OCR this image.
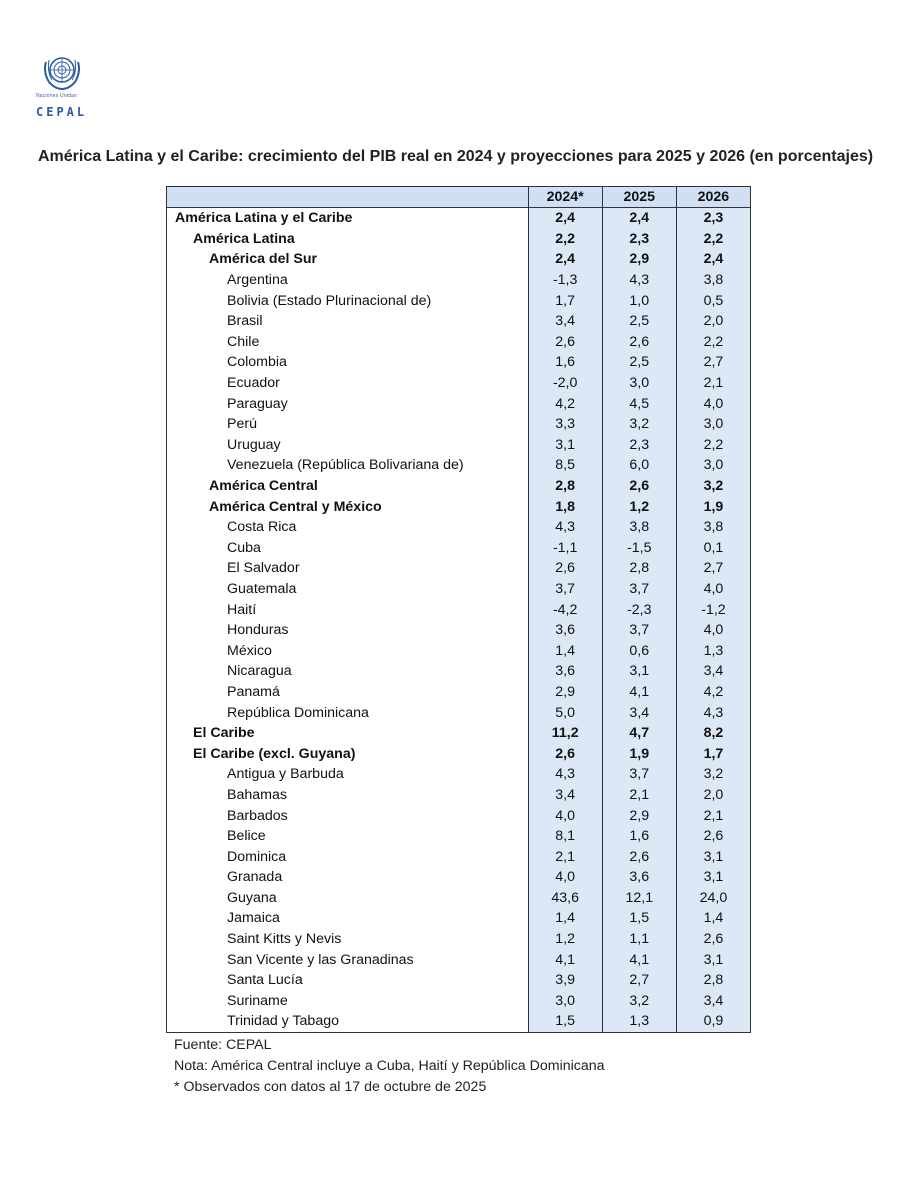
Naciones Unidas
CEPAL
América Latina y el Caribe: crecimiento del PIB real en 2024 y proyecciones para 2025 y 2026 (en porcentajes)
	2024*	2025	2026
América Latina y el Caribe	2,4	2,4	2,3
América Latina	2,2	2,3	2,2
América del Sur	2,4	2,9	2,4
Argentina	-1,3	4,3	3,8
Bolivia (Estado Plurinacional de)	1,7	1,0	0,5
Brasil	3,4	2,5	2,0
Chile	2,6	2,6	2,2
Colombia	1,6	2,5	2,7
Ecuador	-2,0	3,0	2,1
Paraguay	4,2	4,5	4,0
Perú	3,3	3,2	3,0
Uruguay	3,1	2,3	2,2
Venezuela (República Bolivariana de)	8,5	6,0	3,0
América Central	2,8	2,6	3,2
América Central y México	1,8	1,2	1,9
Costa Rica	4,3	3,8	3,8
Cuba	-1,1	-1,5	0,1
El Salvador	2,6	2,8	2,7
Guatemala	3,7	3,7	4,0
Haití	-4,2	-2,3	-1,2
Honduras	3,6	3,7	4,0
México	1,4	0,6	1,3
Nicaragua	3,6	3,1	3,4
Panamá	2,9	4,1	4,2
República Dominicana	5,0	3,4	4,3
El Caribe	11,2	4,7	8,2
El Caribe (excl. Guyana)	2,6	1,9	1,7
Antigua y Barbuda	4,3	3,7	3,2
Bahamas	3,4	2,1	2,0
Barbados	4,0	2,9	2,1
Belice	8,1	1,6	2,6
Dominica	2,1	2,6	3,1
Granada	4,0	3,6	3,1
Guyana	43,6	12,1	24,0
Jamaica	1,4	1,5	1,4
Saint Kitts y Nevis	1,2	1,1	2,6
San Vicente y las Granadinas	4,1	4,1	3,1
Santa Lucía	3,9	2,7	2,8
Suriname	3,0	3,2	3,4
Trinidad y Tabago	1,5	1,3	0,9
Fuente: CEPAL
Nota: América Central incluye a Cuba, Haití y República Dominicana
* Observados con datos al 17 de octubre de 2025
